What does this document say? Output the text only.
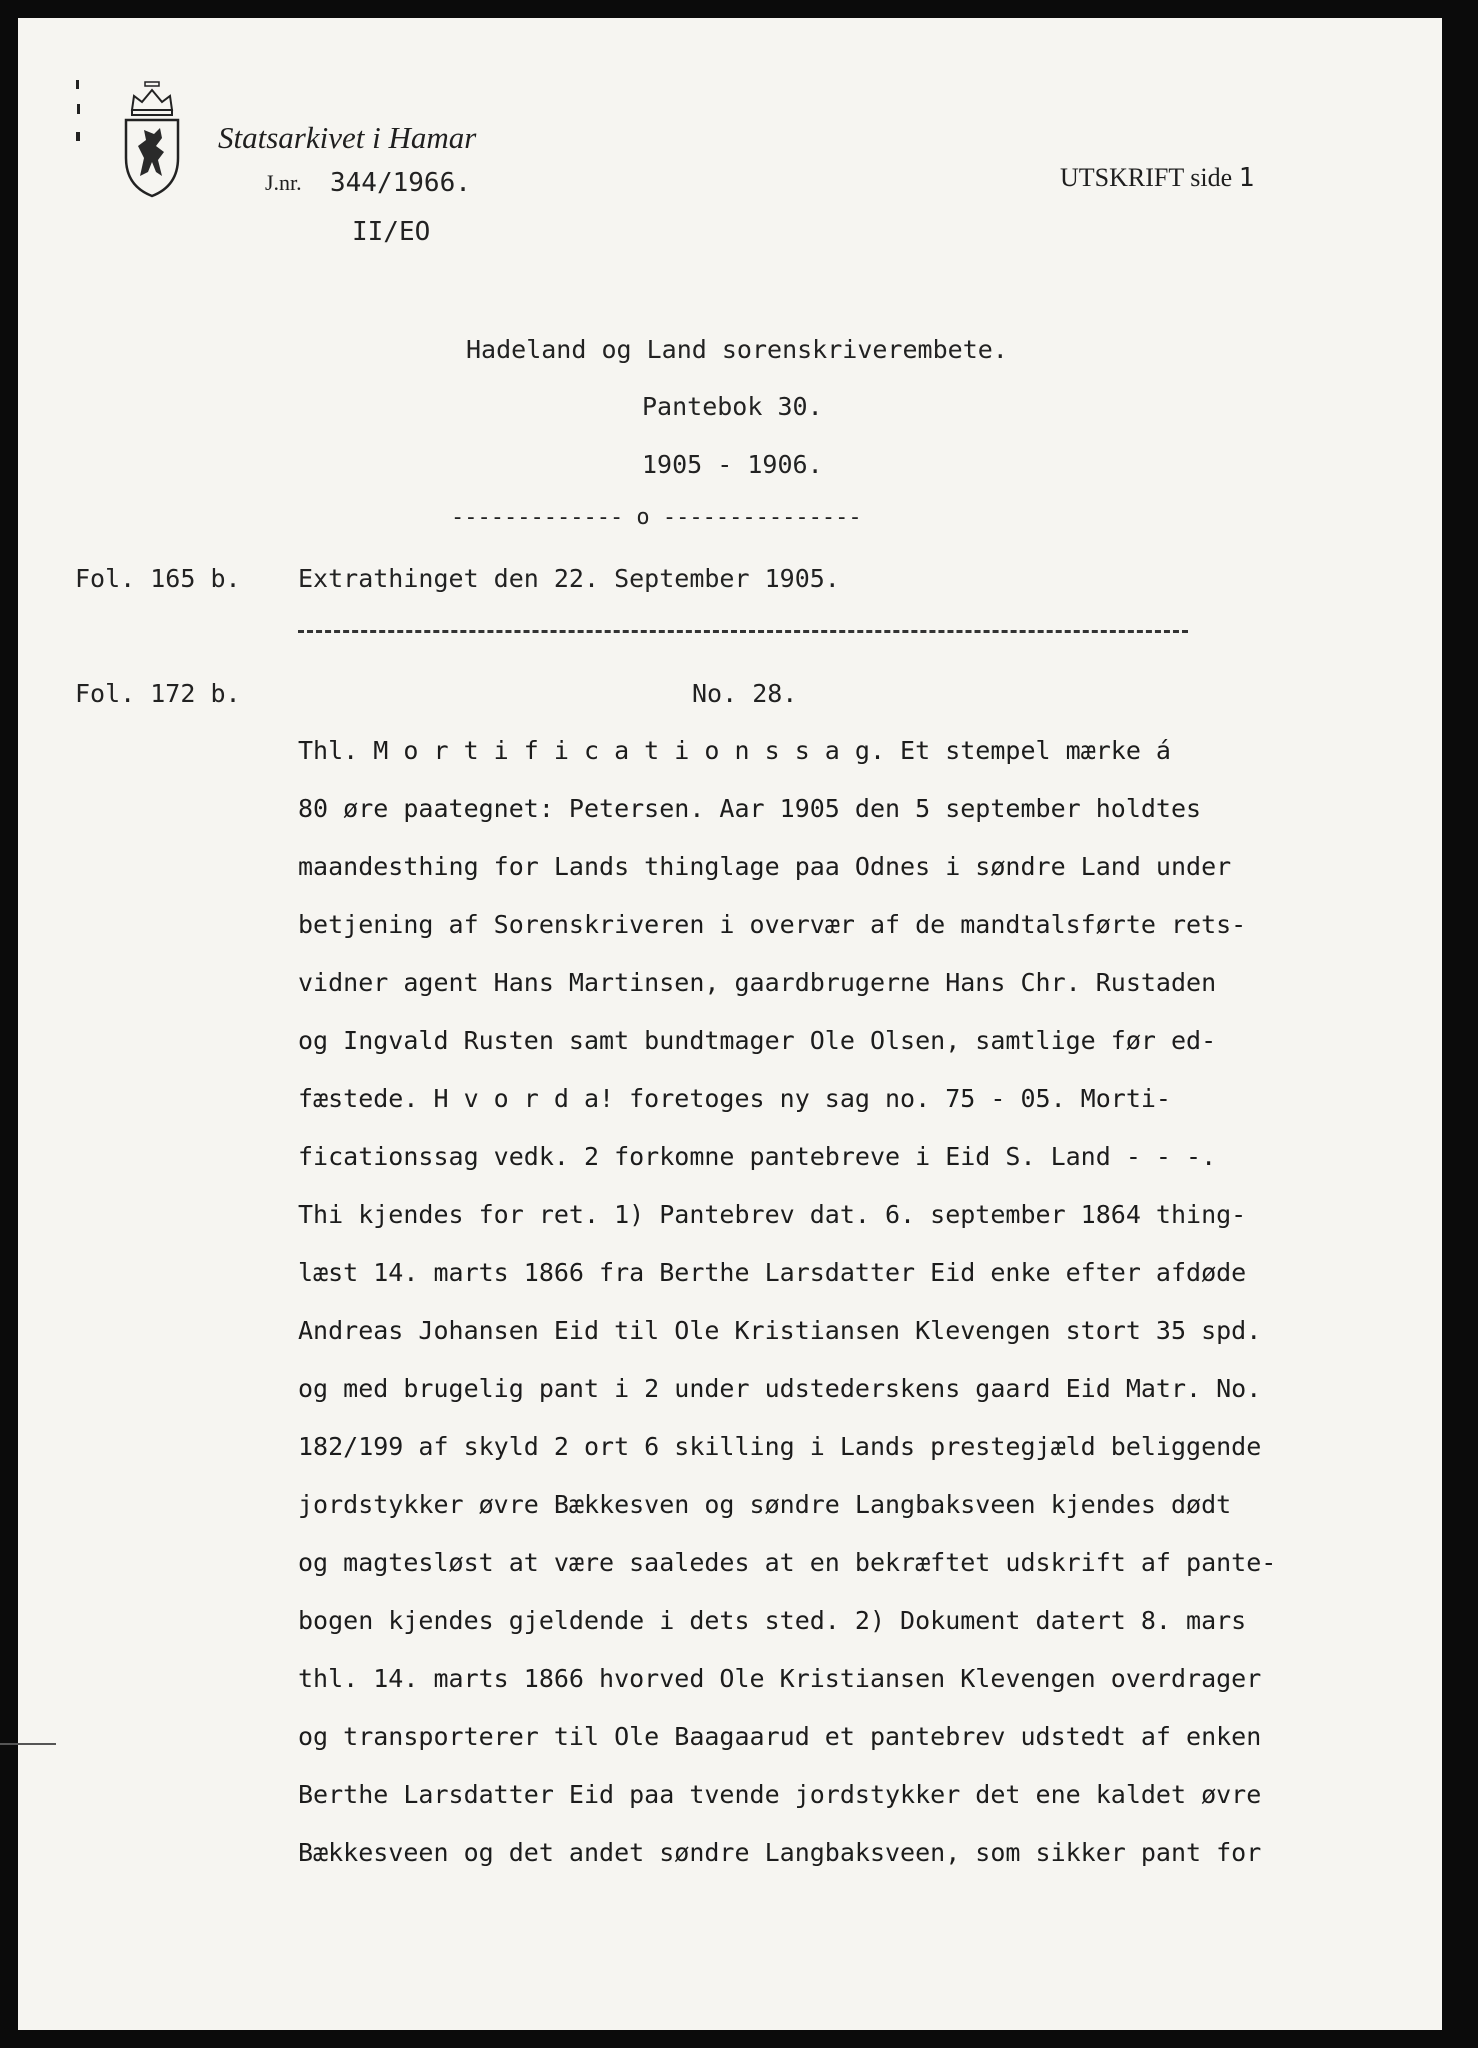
Statsarkivet i Hamar
J.nr. 344/1966.
II/EO
UTSKRIFT side 1
Hadeland og Land sorenskriverembete.
Pantebok 30.
1905 - 1906.
------------- o ---------------
Fol. 165 b. Extrathinget den 22. September 1905.
Fol. 172 b.	No. 28.
Thl. M o r t i f i c a t i o n s s a g. Et stempel mærke á
80 øre paategnet: Petersen. Aar 1905 den 5 september holdtes
maandesthing for Lands thinglage paa Odnes i søndre Land under
betjening af Sorenskriveren i overvær af de mandtalsførte rets-
vidner agent Hans Martinsen, gaardbrugerne Hans Chr. Rustaden
og Ingvald Rusten samt bundtmager Ole Olsen, samtlige før ed-
fæstede. H v o r d a! foretoges ny sag no. 75 - 05. Morti-
ficationssag vedk. 2 forkomne pantebreve i Eid S. Land - - -.
Thi kjendes for ret. 1) Pantebrev dat. 6. september 1864 thing-
læst 14. marts 1866 fra Berthe Larsdatter Eid enke efter afdøde
Andreas Johansen Eid til Ole Kristiansen Klevengen stort 35 spd.
og med brugelig pant i 2 under udstederskens gaard Eid Matr. No.
182/199 af skyld 2 ort 6 skilling i Lands prestegjæld beliggende
jordstykker øvre Bækkesven og søndre Langbaksveen kjendes dødt
og magtesløst at være saaledes at en bekræftet udskrift af pante-
bogen kjendes gjeldende i dets sted. 2) Dokument datert 8. mars
thl. 14. marts 1866 hvorved Ole Kristiansen Klevengen overdrager
og transporterer til Ole Baagaarud et pantebrev udstedt af enken
Berthe Larsdatter Eid paa tvende jordstykker det ene kaldet øvre
Bækkesveen og det andet søndre Langbaksveen, som sikker pant for
